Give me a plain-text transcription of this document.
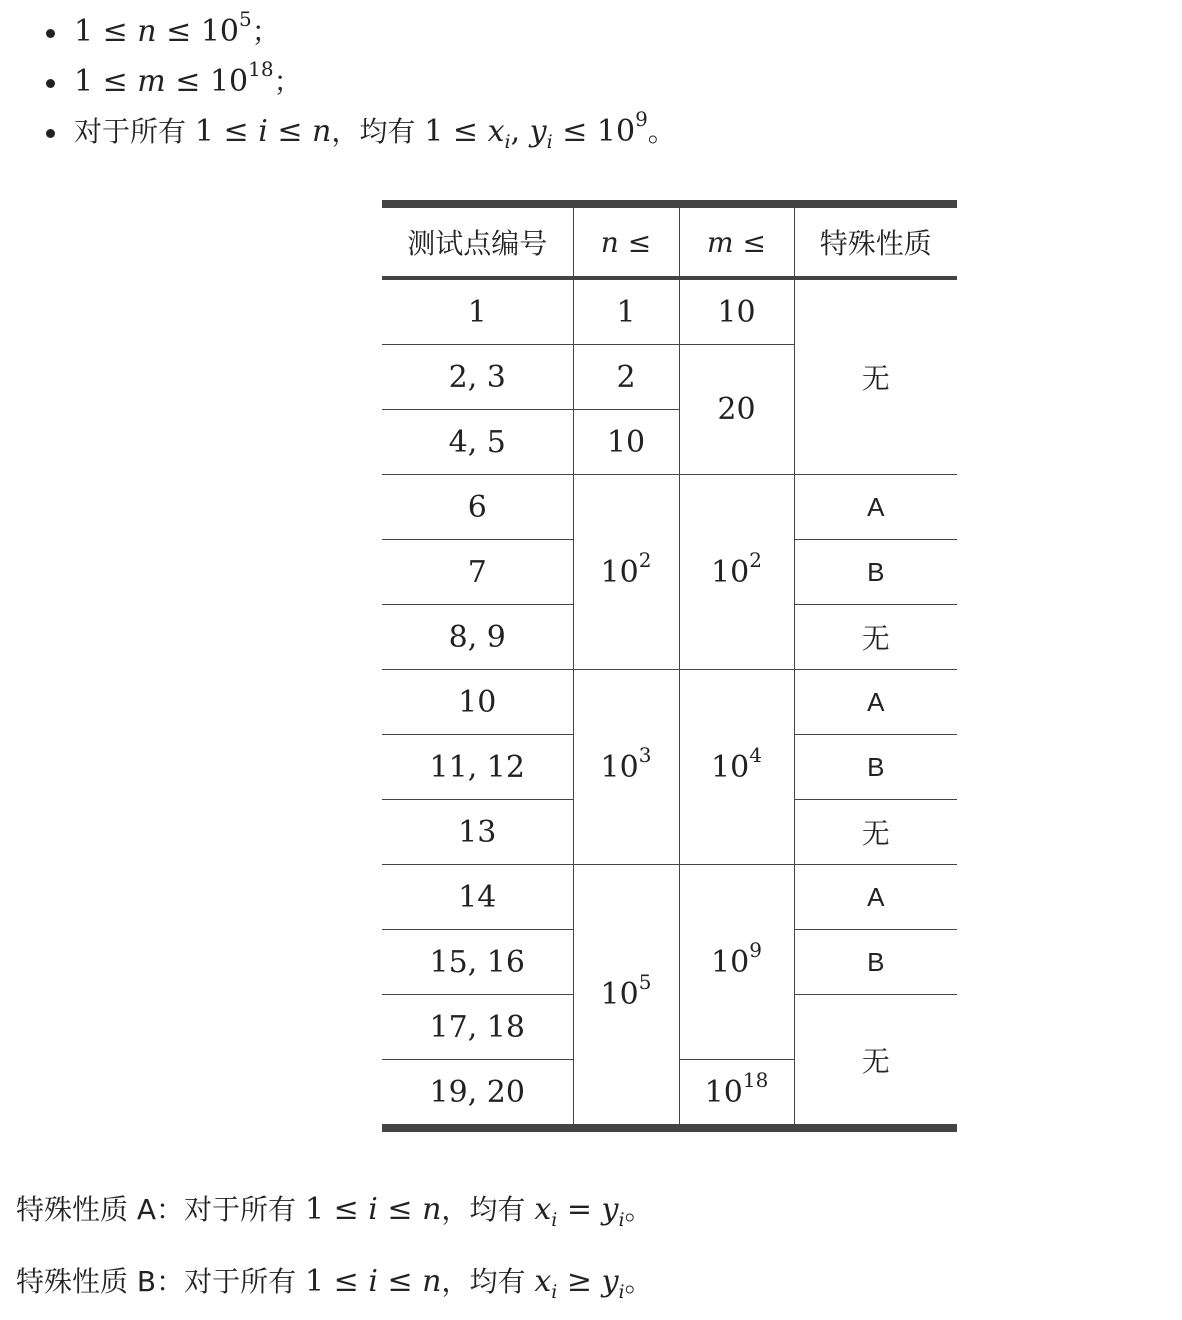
$1 \le n \le 10^5$；
$1 \le m \le 10^{18}$；
对于所有 1 ≤ i ≤ n，均有 $1 \le x_i$, $y_i \le 10^9$。
测试点编号	n ≤	m ≤	特殊性质
1	1	10	无
2, 3	2	20	
4, 5	10		
6	$10^2$	$10^2$	A
7			B
8, 9			无
10	$10^3$	$10^4$	A
11, 12			B
13			无
14	$10^5$	$10^9$	A
15, 16			B
17, 18			无
19, 20		$10^{18}$
特殊性质 A：对于所有 1 ≤ i ≤ n，均有 $x_i = y_i$。
特殊性质 B：对于所有 1 ≤ i ≤ n，均有 $x_i \ge y_i$。
